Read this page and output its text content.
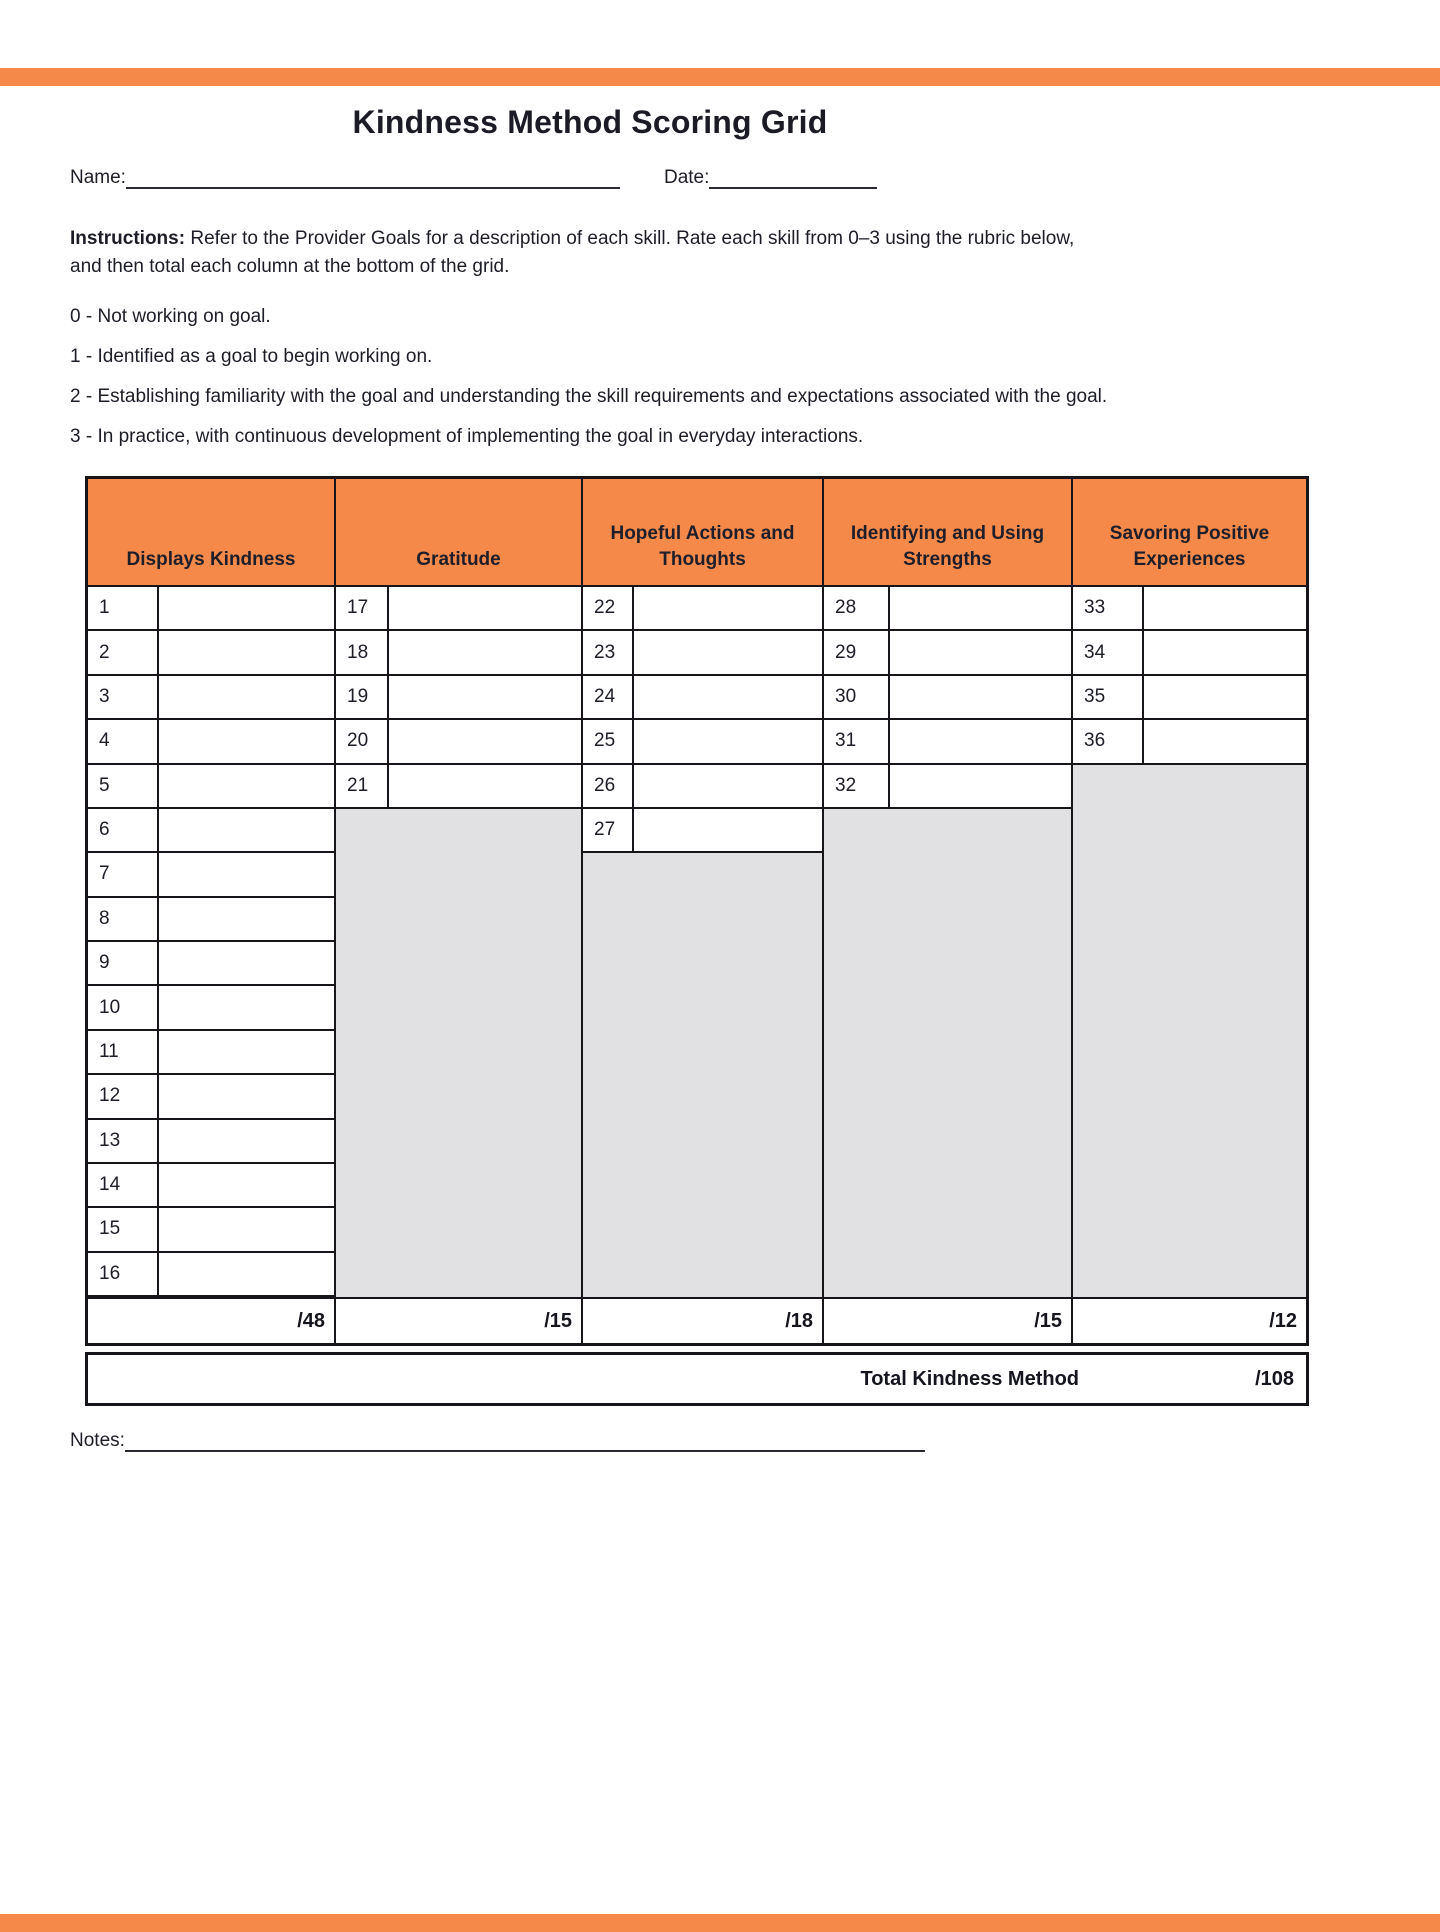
Kindness Method Scoring Grid
Name:	Date:
Instructions: Refer to the Provider Goals for a description of each skill. Rate each skill from 0–3 using the rubric below, and then total each column at the bottom of the grid.
0 - Not working on goal.
1 - Identified as a goal to begin working on.
2 - Establishing familiarity with the goal and understanding the skill requirements and expectations associated with the goal.
3 - In practice, with continuous development of implementing the goal in everyday interactions.
Displays Kindness
1
2
3
4
5
6
7
8
9
10
11
12
13
14
15
16
/48
Gratitude
17
18
19
20
21
/15
Hopeful Actions and Thoughts
22
23
24
25
26
27
/18
Identifying and Using Strengths
28
29
30
31
32
/15
Savoring Positive Experiences
33
34
35
36
/12
Total Kindness Method	/108
Notes:
